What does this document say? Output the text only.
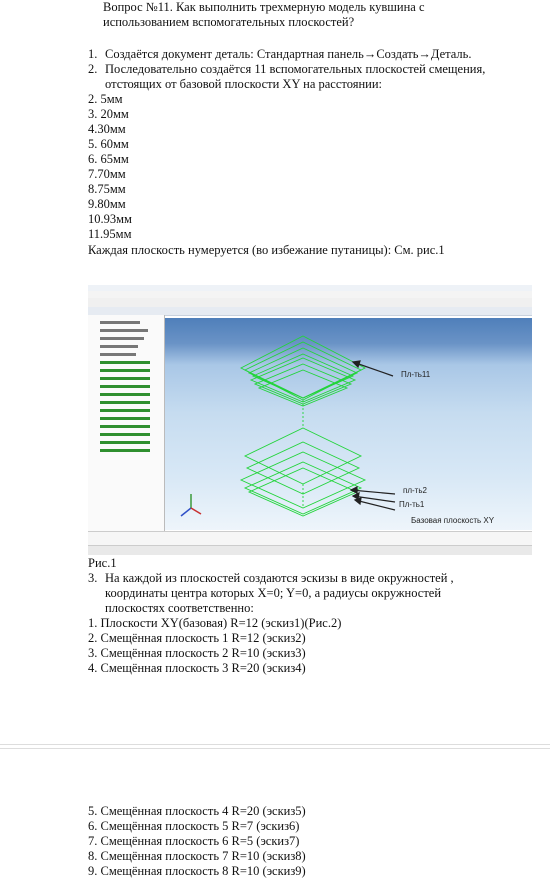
Вопрос №11. Как выполнить трехмерную модель кувшина с
использованием вспомогательных плоскостей?
1. Создаётся документ деталь: Стандартная панель→Создать→Деталь.
2. Последовательно создаётся 11 вспомогательных плоскостей смещения,
отстоящих от базовой плоскости XY на расстоянии:
2. 5мм
3. 20мм
4.30мм
5. 60мм
6. 65мм
7.70мм
8.75мм
9.80мм
10.93мм
11.95мм
Каждая плоскость нумеруется (во избежание путаницы): См. рис.1
Пл-ть11
пл-ть2
Пл-ть1
Базовая плоскость XY
Рис.1
3. На каждой из плоскостей создаются эскизы в виде окружностей ,
координаты центра которых X=0; Y=0, а радиусы окружностей
плоскостях соответственно:
1. Плоскости XY(базовая) R=12 (эскиз1)(Рис.2)
2. Смещённая плоскость 1 R=12 (эскиз2)
3. Смещённая плоскость 2 R=10 (эскиз3)
4. Смещённая плоскость 3 R=20 (эскиз4)
5. Смещённая плоскость 4 R=20 (эскиз5)
6. Смещённая плоскость 5 R=7 (эскиз6)
7. Смещённая плоскость 6 R=5 (эскиз7)
8. Смещённая плоскость 7 R=10 (эскиз8)
9. Смещённая плоскость 8 R=10 (эскиз9)
